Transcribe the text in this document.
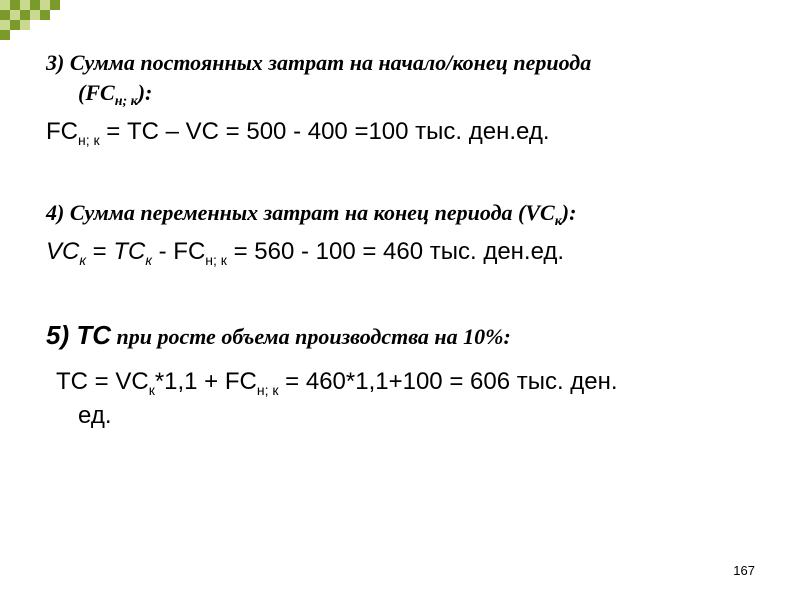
3) Сумма постоянных затрат на начало/конец периода
$(FC_{н; к})$:
$FC_{н; к}$ = TC – VC = 500 - 400 =100 тыс. ден.ед.
4) Сумма переменных затрат на конец периода $(VC_к)$:
$VC_к = TC_к - FC_{н; к} = 560 - 100 = 460$ тыс. ден.ед.
5) TC при росте объема производства на 10%:
TC = $VC_к*1,1 + FC_{н; к} = 460*1,1+100 = 606$ тыс. ден.
ед.
167
